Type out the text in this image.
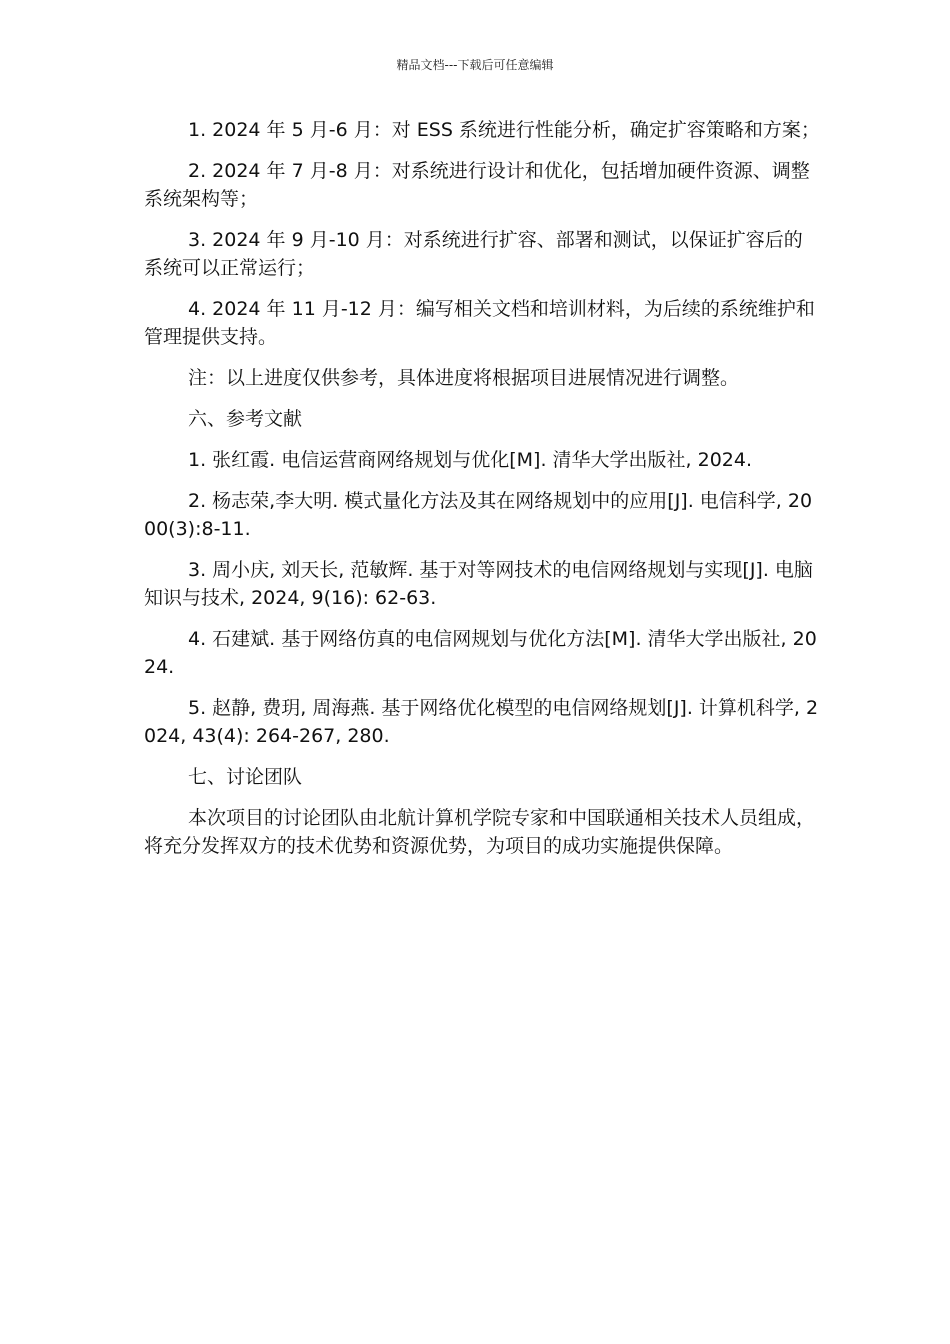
精品文档---下载后可任意编辑

1. 2024 年 5 月-6 月：对 ESS 系统进行性能分析，确定扩容策略和方案；

2. 2024 年 7 月-8 月：对系统进行设计和优化，包括增加硬件资源、调整系统架构等；

3. 2024 年 9 月-10 月：对系统进行扩容、部署和测试，以保证扩容后的系统可以正常运行；

4. 2024 年 11 月-12 月：编写相关文档和培训材料，为后续的系统维护和管理提供支持。

注：以上进度仅供参考，具体进度将根据项目进展情况进行调整。

六、参考文献

1. 张红霞. 电信运营商网络规划与优化[M]. 清华大学出版社, 2024.

2. 杨志荣,李大明. 模式量化方法及其在网络规划中的应用[J]. 电信科学, 2000(3):8-11.

3. 周小庆, 刘天长, 范敏辉. 基于对等网技术的电信网络规划与实现[J]. 电脑知识与技术, 2024, 9(16): 62-63.

4. 石建斌. 基于网络仿真的电信网规划与优化方法[M]. 清华大学出版社, 2024.

5. 赵静, 费玥, 周海燕. 基于网络优化模型的电信网络规划[J]. 计算机科学, 2024, 43(4): 264-267, 280.

七、讨论团队

本次项目的讨论团队由北航计算机学院专家和中国联通相关技术人员组成，将充分发挥双方的技术优势和资源优势，为项目的成功实施提供保障。
